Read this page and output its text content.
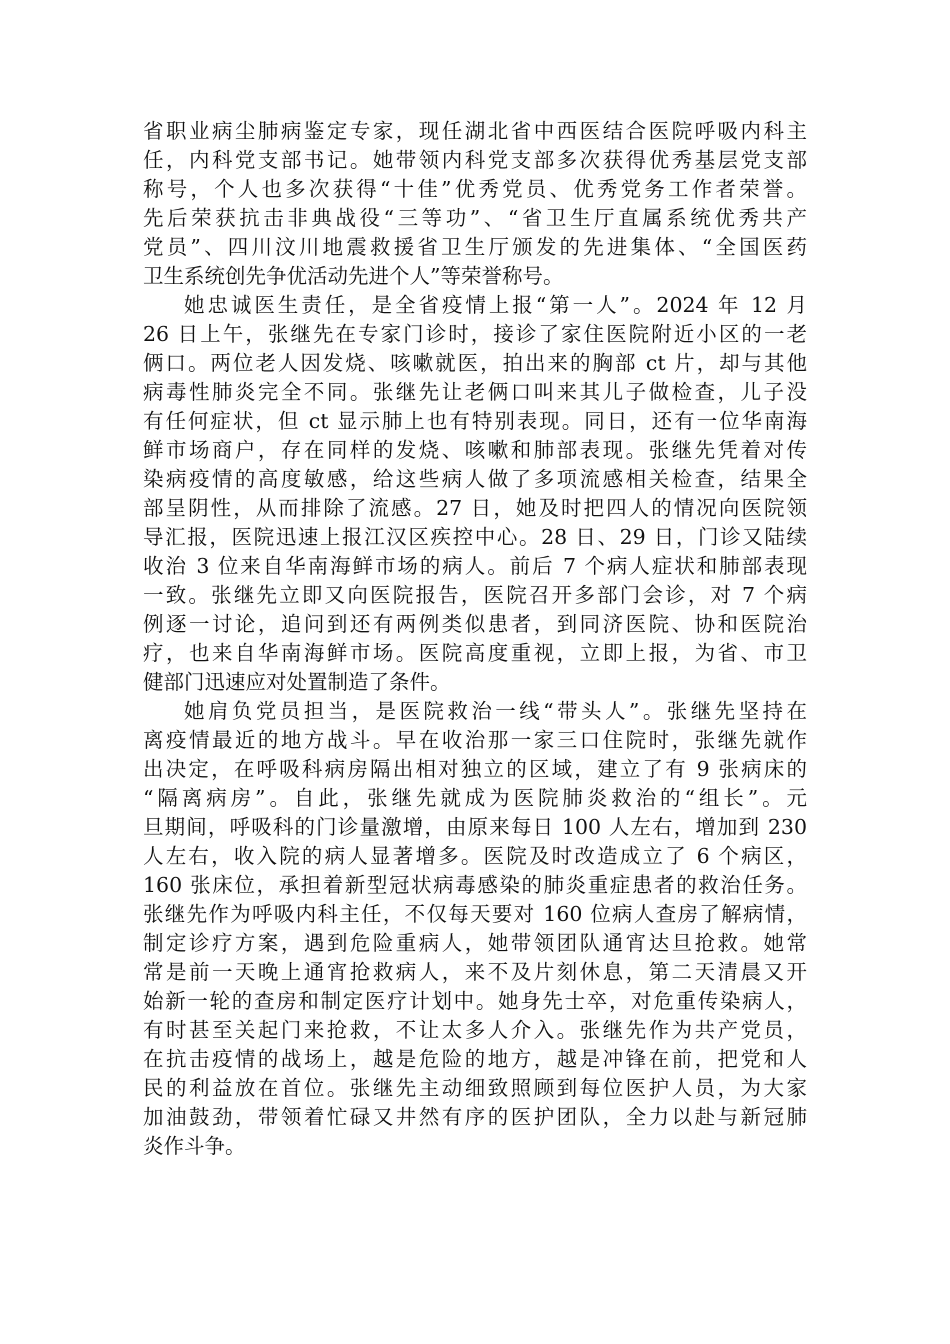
省职业病尘肺病鉴定专家，现任湖北省中西医结合医院呼吸内科主
任，内科党支部书记。她带领内科党支部多次获得优秀基层党支部
称号，个人也多次获得“十佳”优秀党员、优秀党务工作者荣誉。
先后荣获抗击非典战役“三等功”、“省卫生厅直属系统优秀共产
党员”、四川汶川地震救援省卫生厅颁发的先进集体、“全国医药
卫生系统创先争优活动先进个人”等荣誉称号。
她忠诚医生责任，是全省疫情上报“第一人”。2024 年 12 月
26 日上午，张继先在专家门诊时，接诊了家住医院附近小区的一老
俩口。两位老人因发烧、咳嗽就医，拍出来的胸部 ct 片，却与其他
病毒性肺炎完全不同。张继先让老俩口叫来其儿子做检查，儿子没
有任何症状，但 ct 显示肺上也有特别表现。同日，还有一位华南海
鲜市场商户，存在同样的发烧、咳嗽和肺部表现。张继先凭着对传
染病疫情的高度敏感，给这些病人做了多项流感相关检查，结果全
部呈阴性，从而排除了流感。27 日，她及时把四人的情况向医院领
导汇报，医院迅速上报江汉区疾控中心。28 日、29 日，门诊又陆续
收治 3 位来自华南海鲜市场的病人。前后 7 个病人症状和肺部表现
一致。张继先立即又向医院报告，医院召开多部门会诊，对 7 个病
例逐一讨论，追问到还有两例类似患者，到同济医院、协和医院治
疗，也来自华南海鲜市场。医院高度重视，立即上报，为省、市卫
健部门迅速应对处置制造了条件。
她肩负党员担当，是医院救治一线“带头人”。张继先坚持在
离疫情最近的地方战斗。早在收治那一家三口住院时，张继先就作
出决定，在呼吸科病房隔出相对独立的区域，建立了有 9 张病床的
“隔离病房”。自此，张继先就成为医院肺炎救治的“组长”。元
旦期间，呼吸科的门诊量激增，由原来每日 100 人左右，增加到 230
人左右，收入院的病人显著增多。医院及时改造成立了 6 个病区，
160 张床位，承担着新型冠状病毒感染的肺炎重症患者的救治任务。
张继先作为呼吸内科主任，不仅每天要对 160 位病人查房了解病情，
制定诊疗方案，遇到危险重病人，她带领团队通宵达旦抢救。她常
常是前一天晚上通宵抢救病人，来不及片刻休息，第二天清晨又开
始新一轮的查房和制定医疗计划中。她身先士卒，对危重传染病人，
有时甚至关起门来抢救，不让太多人介入。张继先作为共产党员，
在抗击疫情的战场上，越是危险的地方，越是冲锋在前，把党和人
民的利益放在首位。张继先主动细致照顾到每位医护人员，为大家
加油鼓劲，带领着忙碌又井然有序的医护团队，全力以赴与新冠肺
炎作斗争。
